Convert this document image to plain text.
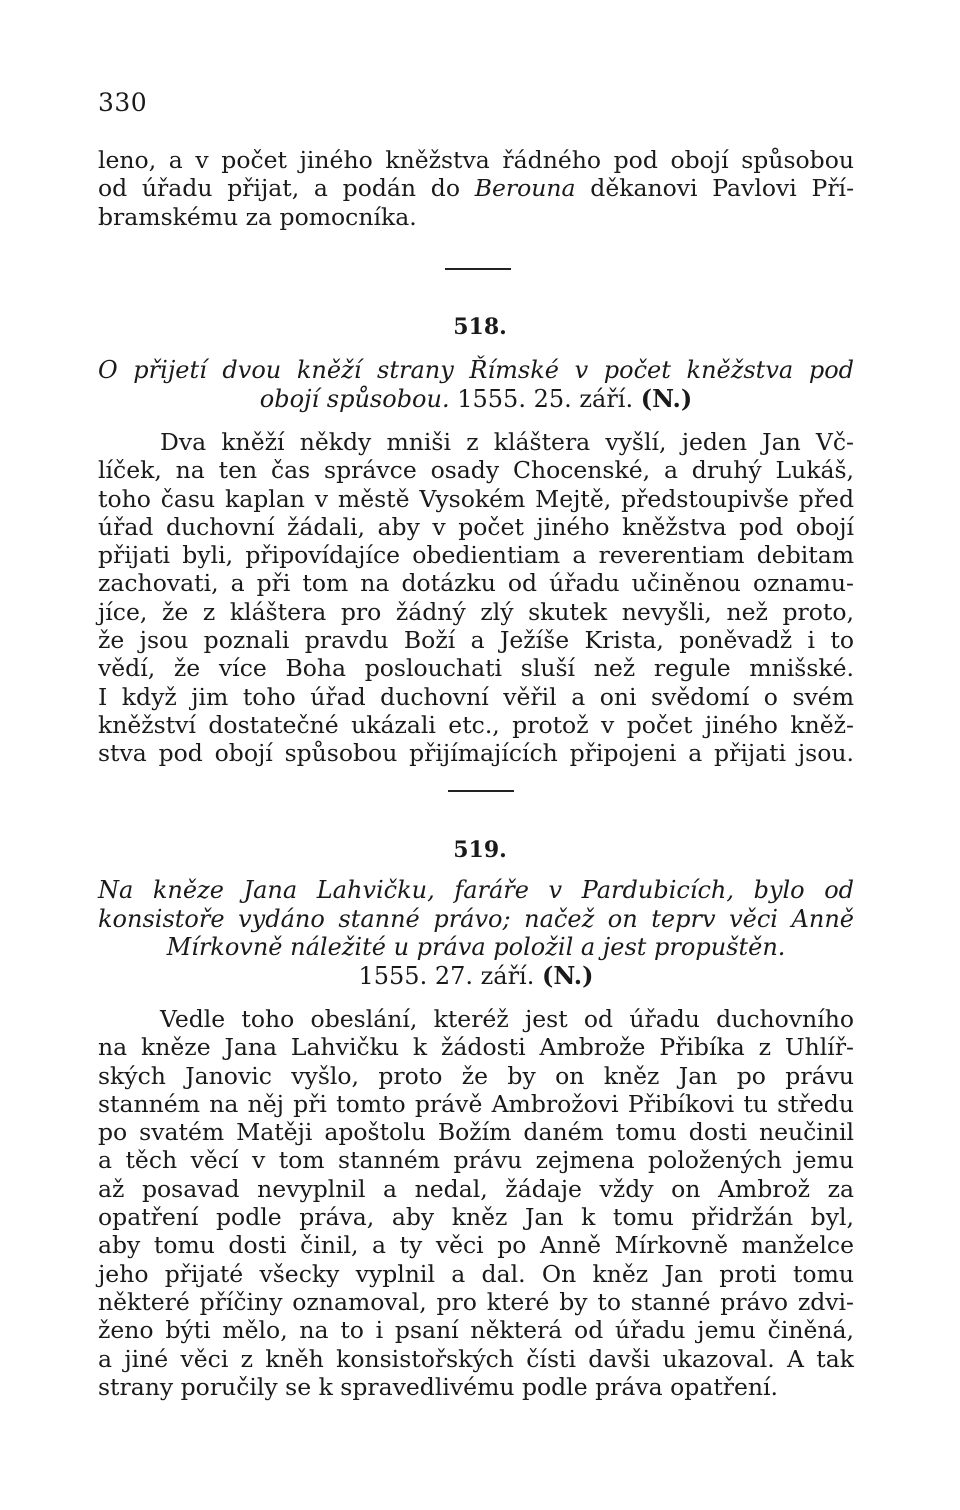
330
leno, a v počet jiného kněžstva řádného pod obojí spůsobou
od úřadu přijat, a podán do Berouna děkanovi Pavlovi Pří-
bramskému za pomocníka.
518.
O přijetí dvou kněží strany Římské v počet kněžstva pod
obojí spůsobou. 1555. 25. září. (N.)
Dva kněží někdy mniši z kláštera vyšlí, jeden Jan Vč-
líček, na ten čas správce osady Chocenské, a druhý Lukáš,
toho času kaplan v městě Vysokém Mejtě, předstoupivše před
úřad duchovní žádali, aby v počet jiného kněžstva pod obojí
přijati byli, připovídajíce obedientiam a reverentiam debitam
zachovati, a při tom na dotázku od úřadu učiněnou oznamu-
jíce, že z kláštera pro žádný zlý skutek nevyšli, než proto,
že jsou poznali pravdu Boží a Ježíše Krista, poněvadž i to
vědí, že více Boha poslouchati sluší než regule mnišské.
I když jim toho úřad duchovní věřil a oni svědomí o svém
kněžství dostatečné ukázali etc., protož v počet jiného kněž-
stva pod obojí spůsobou přijímajících připojeni a přijati jsou.
519.
Na kněze Jana Lahvičku, faráře v Pardubicích, bylo od
konsistoře vydáno stanné právo; načež on teprv věci Anně
Mírkovně náležité u práva položil a jest propuštěn.
1555. 27. září. (N.)
Vedle toho obeslání, kteréž jest od úřadu duchovního
na kněze Jana Lahvičku k žádosti Ambrože Přibíka z Uhlíř-
ských Janovic vyšlo, proto že by on kněz Jan po právu
stanném na něj při tomto právě Ambrožovi Přibíkovi tu středu
po svatém Matěji apoštolu Božím daném tomu dosti neučinil
a těch věcí v tom stanném právu zejmena položených jemu
až posavad nevyplnil a nedal, žádaje vždy on Ambrož za
opatření podle práva, aby kněz Jan k tomu přidržán byl,
aby tomu dosti činil, a ty věci po Anně Mírkovně manželce
jeho přijaté všecky vyplnil a dal. On kněz Jan proti tomu
některé příčiny oznamoval, pro které by to stanné právo zdvi-
ženo býti mělo, na to i psaní některá od úřadu jemu činěná,
a jiné věci z kněh konsistořských čísti davši ukazoval. A tak
strany poručily se k spravedlivému podle práva opatření.
